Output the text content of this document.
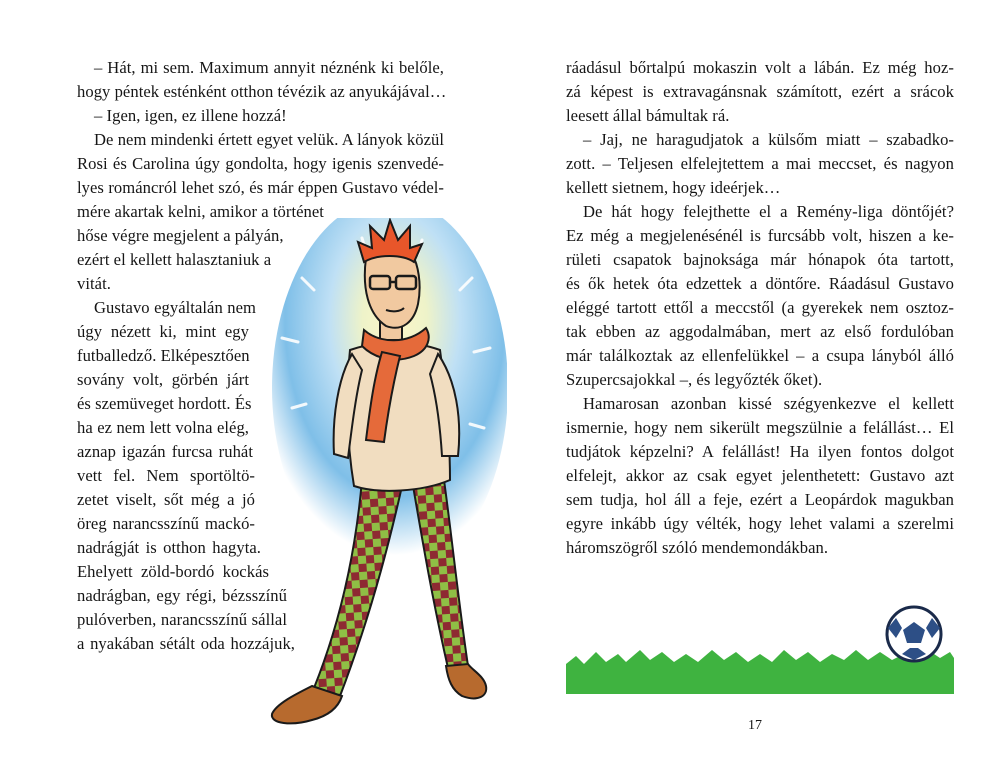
– Hát, mi sem. Maximum annyit néznénk ki belőle,
hogy péntek esténként otthon tévézik az anyukájával…
– Igen, igen, ez illene hozzá!
De nem mindenki értett egyet velük. A lányok közül
Rosi és Carolina úgy gondolta, hogy igenis szenvedé-
lyes románcról lehet szó, és már éppen Gustavo védel-
mére akartak kelni, amikor a történet
hőse végre megjelent a pályán,
ezért el kellett halasztaniuk a
vitát.
Gustavo egyáltalán nem
úgy nézett ki, mint egy
futballedző. Elképesztően
sovány volt, görbén járt
és szemüveget hordott. És
ha ez nem lett volna elég,
aznap igazán furcsa ruhát
vett fel. Nem sportöltö-
zetet viselt, sőt még a jó
öreg narancsszínű mackó-
nadrágját is otthon hagyta.
Ehelyett zöld-bordó kockás
nadrágban, egy régi, bézsszínű
pulóverben, narancsszínű sállal
a nyakában sétált oda hozzájuk,
ráadásul bőrtalpú mokaszin volt a lábán. Ez még hoz-
zá képest is extravagánsnak számított, ezért a srácok
leesett állal bámultak rá.
– Jaj, ne haragudjatok a külsőm miatt – szabadko-
zott. – Teljesen elfelejtettem a mai meccset, és nagyon
kellett sietnem, hogy ideérjek…
De hát hogy felejthette el a Remény-liga döntőjét?
Ez még a megjelenésénél is furcsább volt, hiszen a ke-
rületi csapatok bajnoksága már hónapok óta tartott,
és ők hetek óta edzettek a döntőre. Ráadásul Gustavo
eléggé tartott ettől a meccstől (a gyerekek nem osztoz-
tak ebben az aggodalmában, mert az első fordulóban
már találkoztak az ellenfelükkel – a csupa lányból álló
Szupercsajokkal –, és legyőzték őket).
Hamarosan azonban kissé szégyenkezve el kellett
ismernie, hogy nem sikerült megszülnie a felállást… El
tudjátok képzelni? A felállást! Ha ilyen fontos dolgot
elfelejt, akkor az csak egyet jelenthetett: Gustavo azt
sem tudja, hol áll a feje, ezért a Leopárdok magukban
egyre inkább úgy vélték, hogy lehet valami a szerelmi
háromszögről szóló mendemondákban.
17
